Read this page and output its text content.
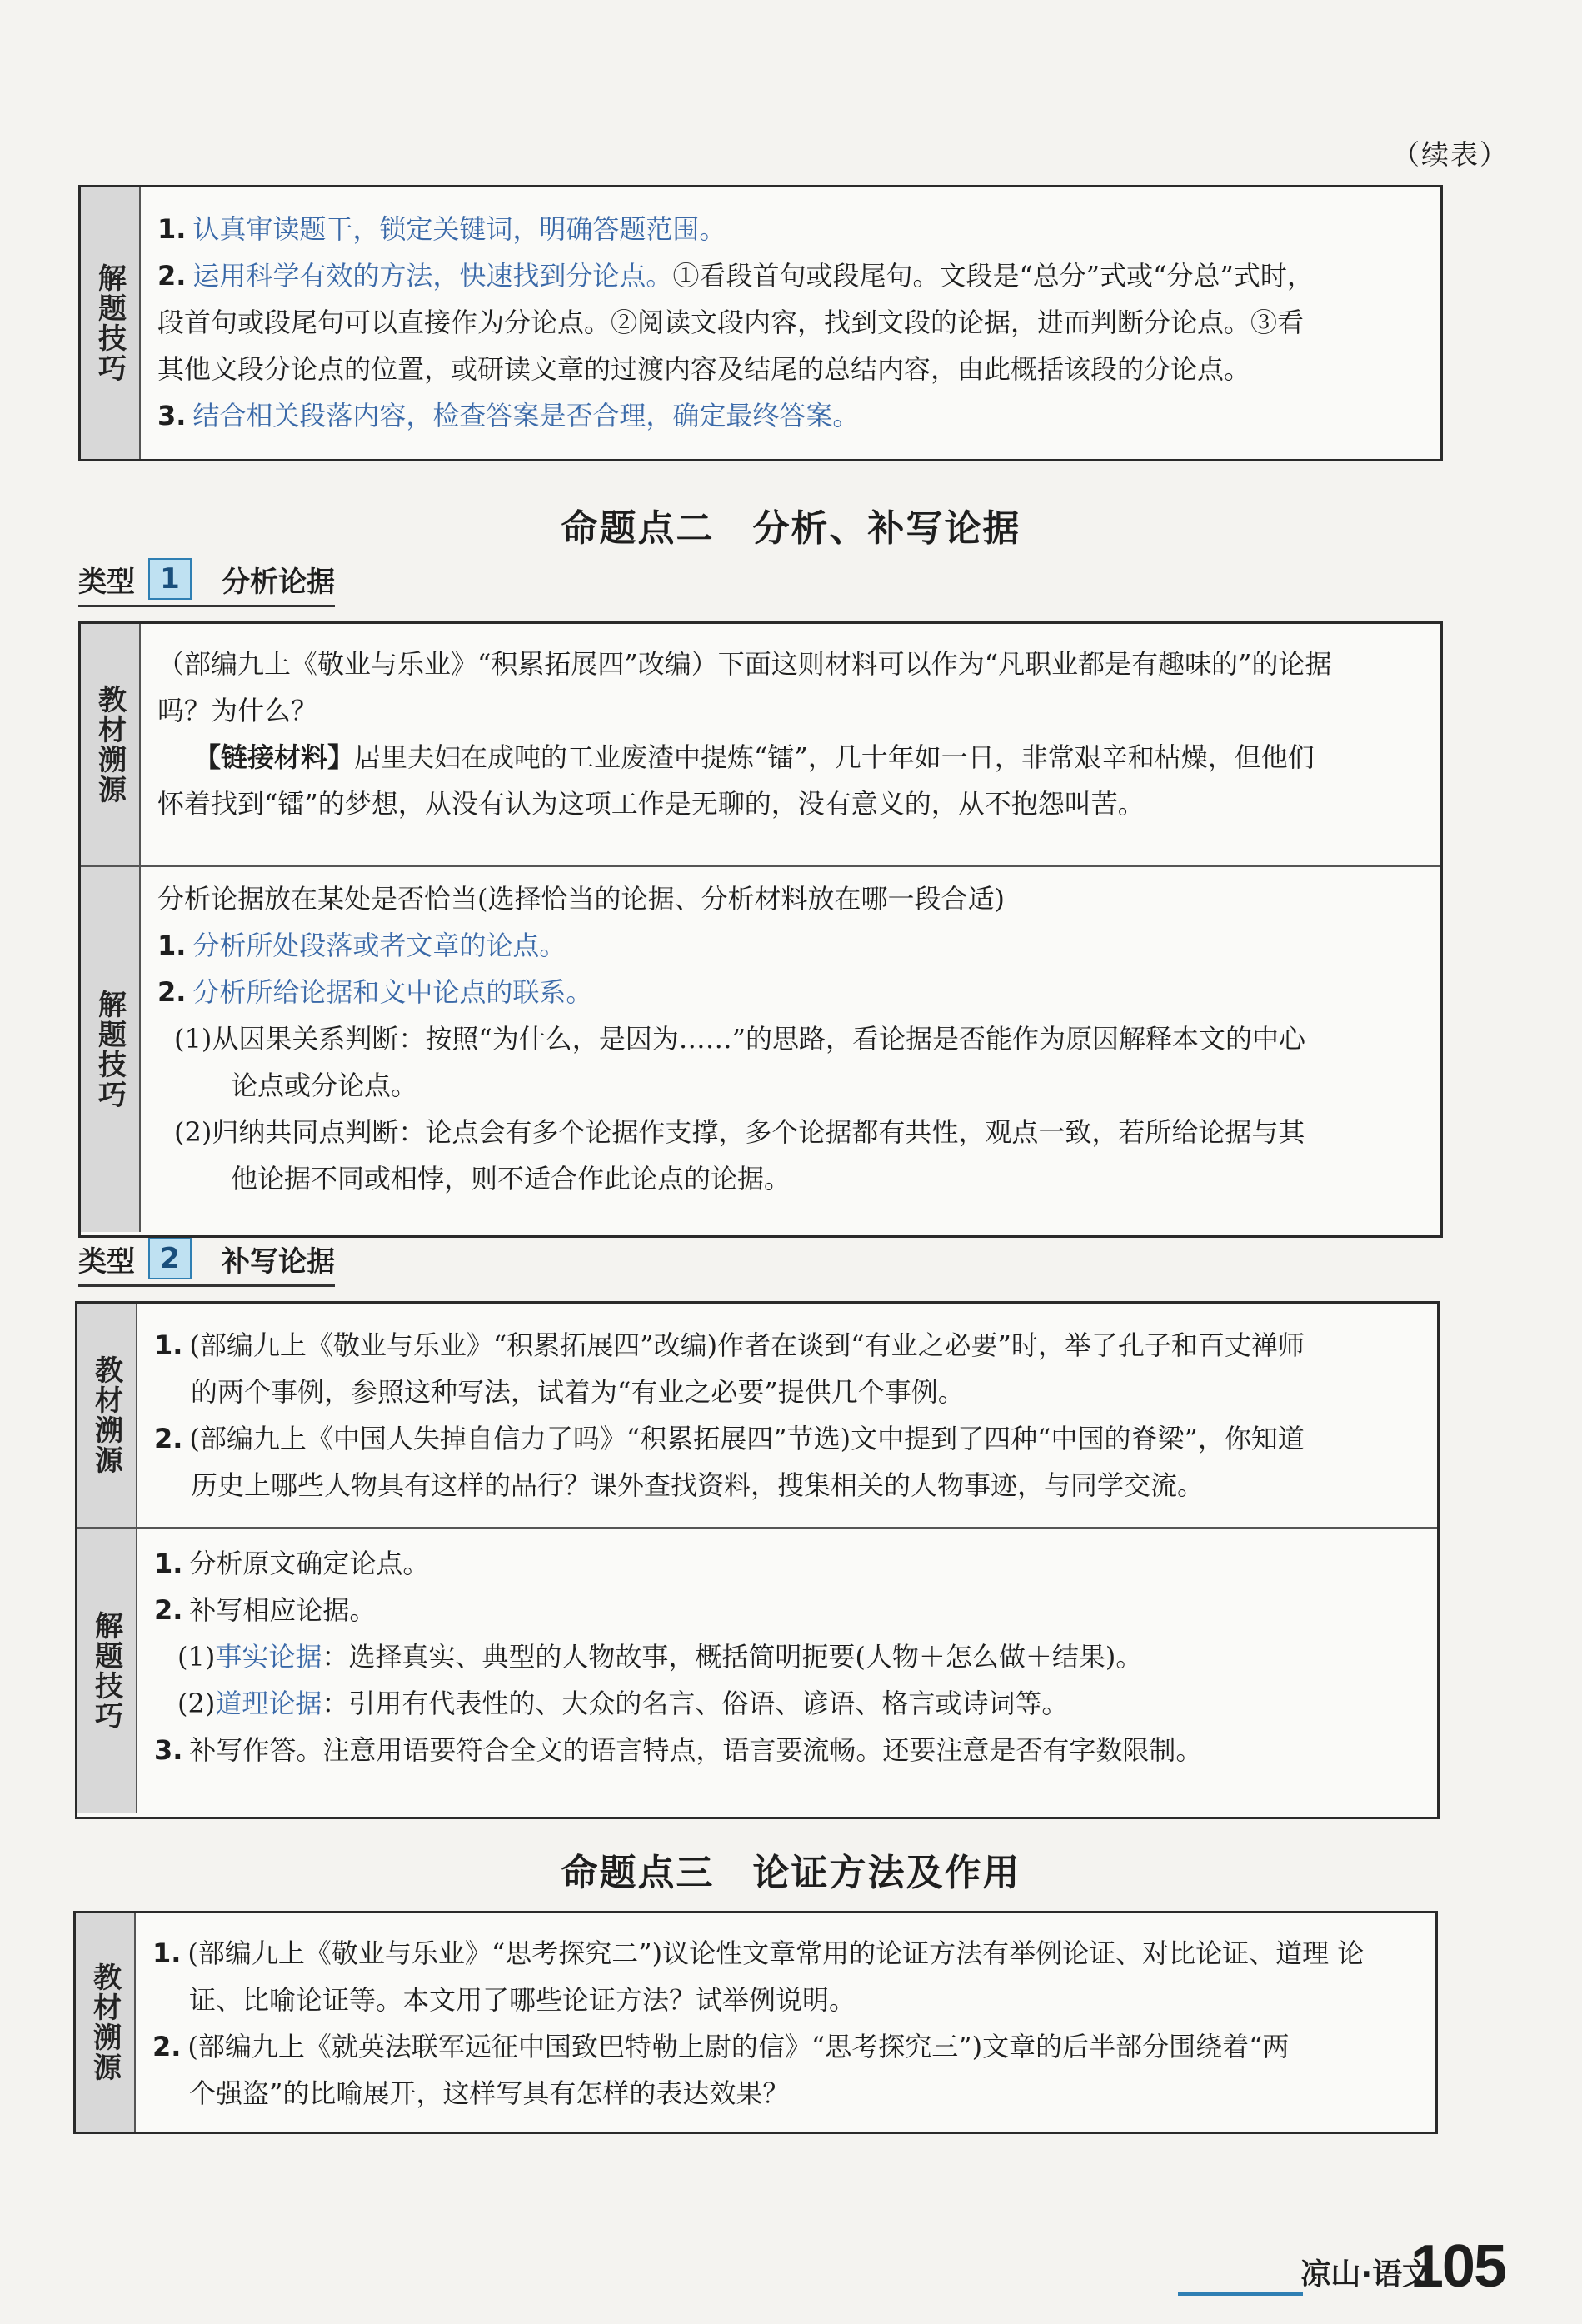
（续表）
解题技巧
1. 认真审读题干，锁定关键词，明确答题范围。
2. 运用科学有效的方法，快速找到分论点。①看段首句或段尾句。文段是“总分”式或“分总”式时，
段首句或段尾句可以直接作为分论点。②阅读文段内容，找到文段的论据，进而判断分论点。③看
其他文段分论点的位置，或研读文章的过渡内容及结尾的总结内容，由此概括该段的分论点。
3. 结合相关段落内容，检查答案是否合理，确定最终答案。
命题点二　分析、补写论据
类型 1	分析论据
教材溯源
（部编九上《敬业与乐业》“积累拓展四”改编）下面这则材料可以作为“凡职业都是有趣味的”的论据
吗？为什么？
【链接材料】居里夫妇在成吨的工业废渣中提炼“镭”，几十年如一日，非常艰辛和枯燥，但他们
怀着找到“镭”的梦想，从没有认为这项工作是无聊的，没有意义的，从不抱怨叫苦。
解题技巧
分析论据放在某处是否恰当(选择恰当的论据、分析材料放在哪一段合适)
1. 分析所处段落或者文章的论点。
2. 分析所给论据和文中论点的联系。
(1)从因果关系判断：按照“为什么，是因为……”的思路，看论据是否能作为原因解释本文的中心
论点或分论点。
(2)归纳共同点判断：论点会有多个论据作支撑，多个论据都有共性，观点一致，若所给论据与其
他论据不同或相悖，则不适合作此论点的论据。
类型 2	补写论据
教材溯源
1. (部编九上《敬业与乐业》“积累拓展四”改编)作者在谈到“有业之必要”时，举了孔子和百丈禅师
的两个事例，参照这种写法，试着为“有业之必要”提供几个事例。
2. (部编九上《中国人失掉自信力了吗》“积累拓展四”节选)文中提到了四种“中国的脊梁”，你知道
历史上哪些人物具有这样的品行？课外查找资料，搜集相关的人物事迹，与同学交流。
解题技巧
1. 分析原文确定论点。
2. 补写相应论据。
(1)事实论据：选择真实、典型的人物故事，概括简明扼要(人物＋怎么做＋结果)。
(2)道理论据：引用有代表性的、大众的名言、俗语、谚语、格言或诗词等。
3. 补写作答。注意用语要符合全文的语言特点，语言要流畅。还要注意是否有字数限制。
命题点三　论证方法及作用
教材溯源
1. (部编九上《敬业与乐业》“思考探究二”)议论性文章常用的论证方法有举例论证、对比论证、道理 论
证、比喻论证等。本文用了哪些论证方法？试举例说明。
2. (部编九上《就英法联军远征中国致巴特勒上尉的信》“思考探究三”)文章的后半部分围绕着“两
个强盗”的比喻展开，这样写具有怎样的表达效果？
凉山·语文
105
